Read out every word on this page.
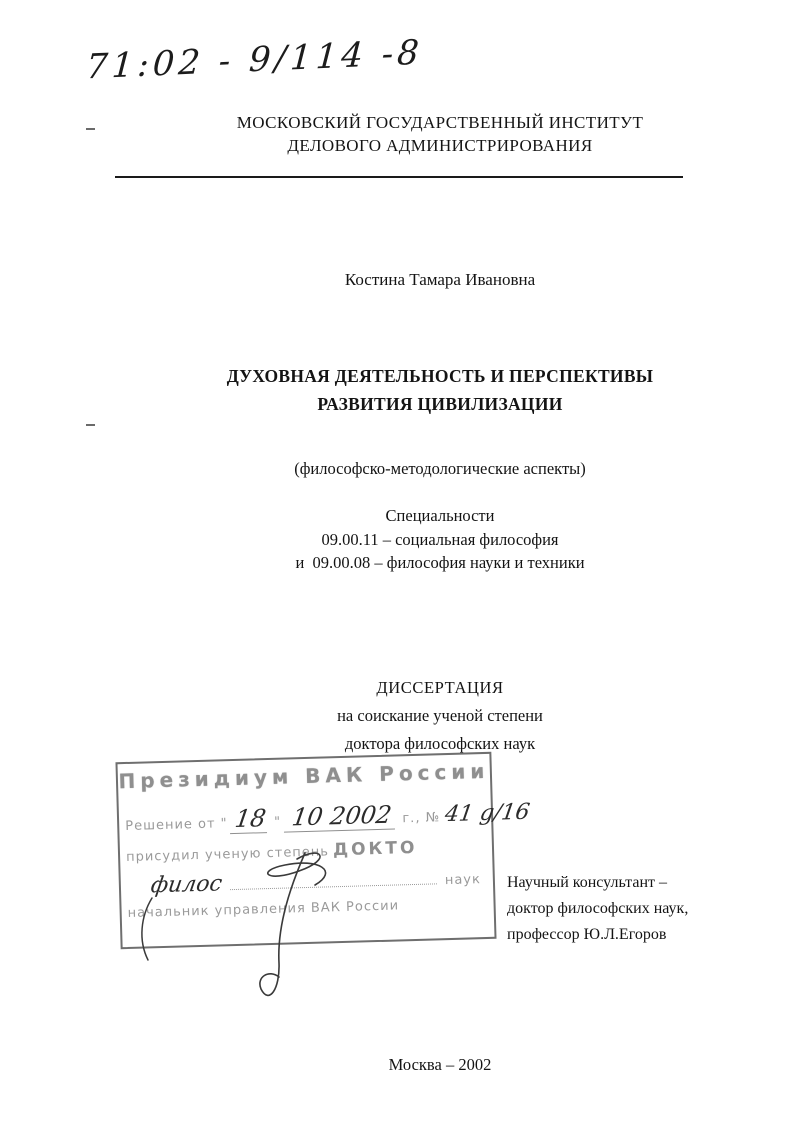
71:02 - 9/114 -8
МОСКОВСКИЙ ГОСУДАРСТВЕННЫЙ ИНСТИТУТ
ДЕЛОВОГО АДМИНИСТРИРОВАНИЯ
Костина Тамара Ивановна
ДУХОВНАЯ ДЕЯТЕЛЬНОСТЬ И ПЕРСПЕКТИВЫ
РАЗВИТИЯ ЦИВИЛИЗАЦИИ
(философско-методологические аспекты)
Специальности
09.00.11 – социальная философия
и  09.00.08 – философия науки и техники
ДИССЕРТАЦИЯ
на соискание ученой степени
доктора философских наук
Москва – 2002
Президиум ВАК России
Решение от " 18 " 10 2002 г., № 41 g/16
присудил ученую степень ДОКТО
филос	наук
начальник управления ВАК России
Научный консультант –
доктор философских наук,
профессор Ю.Л.Егоров
